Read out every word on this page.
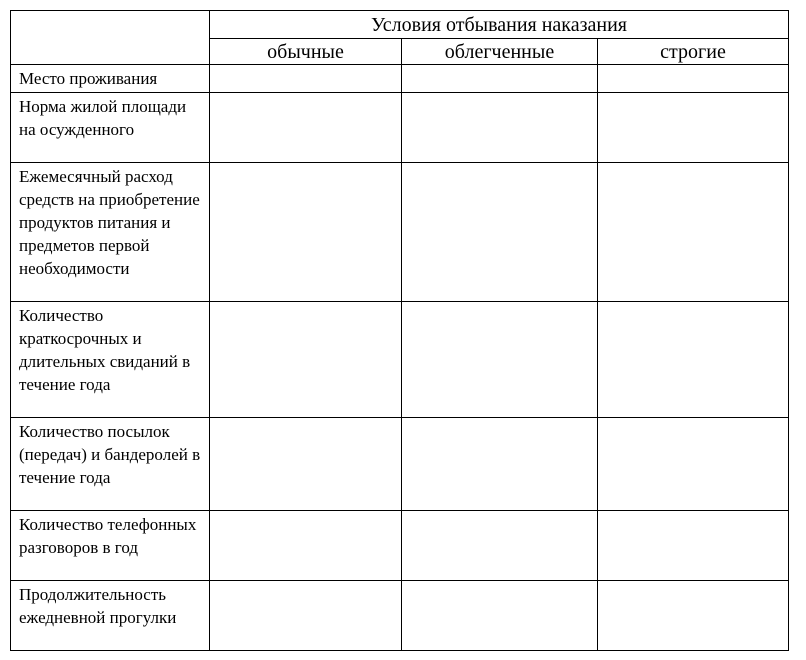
	Условия отбывания наказания		
	обычные	облегченные	строгие
Место проживания			
Норма жилой площади на осужденного			
Ежемесячный расход средств на приобретение продуктов питания и предметов первой необходимости			
Количество краткосрочных и длительных свиданий в течение года			
Количество посылок (передач) и бандеролей в течение года			
Количество телефонных разговоров в год			
Продолжительность ежедневной прогулки			
